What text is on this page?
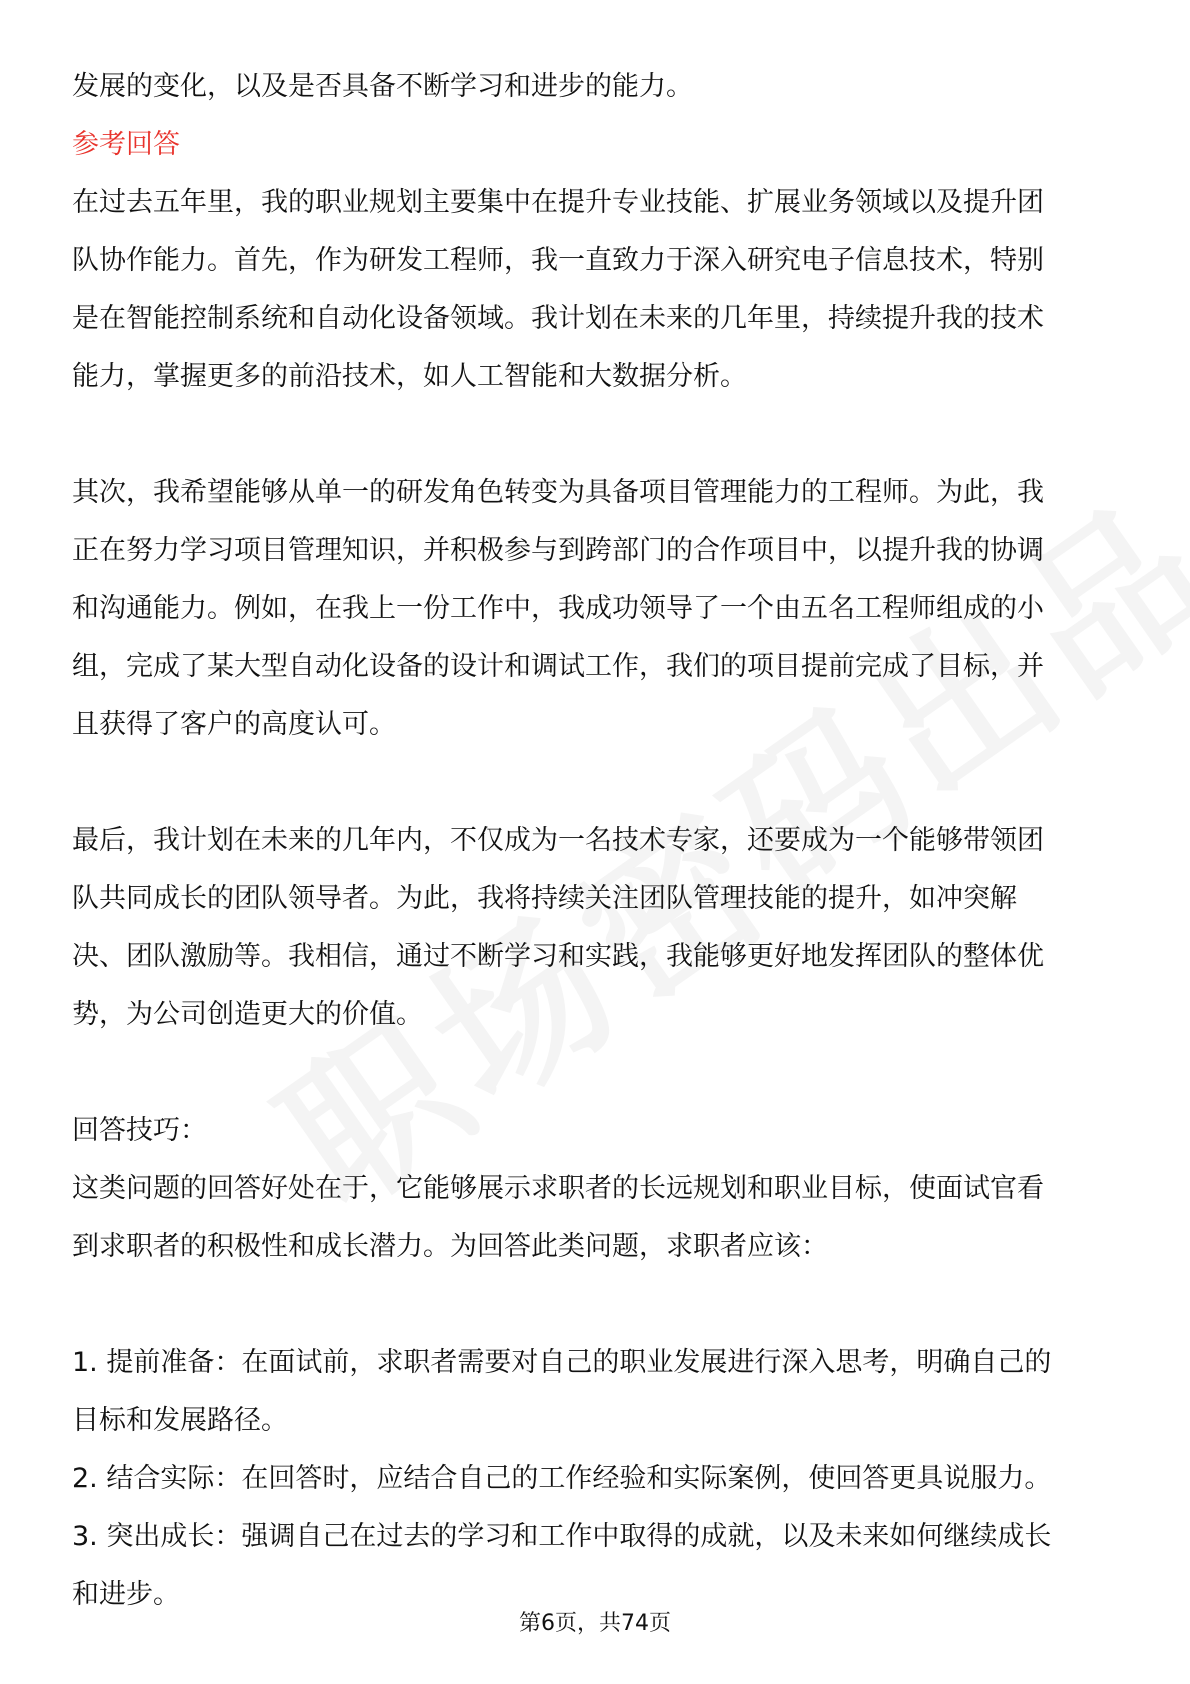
发展的变化，以及是否具备不断学习和进步的能力。

参考回答

在过去五年里，我的职业规划主要集中在提升专业技能、扩展业务领域以及提升团

队协作能力。首先，作为研发工程师，我一直致力于深入研究电子信息技术，特别

是在智能控制系统和自动化设备领域。我计划在未来的几年里，持续提升我的技术

能力，掌握更多的前沿技术，如人工智能和大数据分析。

其次，我希望能够从单一的研发角色转变为具备项目管理能力的工程师。为此，我

正在努力学习项目管理知识，并积极参与到跨部门的合作项目中，以提升我的协调

和沟通能力。例如，在我上一份工作中，我成功领导了一个由五名工程师组成的小

组，完成了某大型自动化设备的设计和调试工作，我们的项目提前完成了目标，并

且获得了客户的高度认可。

最后，我计划在未来的几年内，不仅成为一名技术专家，还要成为一个能够带领团

队共同成长的团队领导者。为此，我将持续关注团队管理技能的提升，如冲突解

决、团队激励等。我相信，通过不断学习和实践，我能够更好地发挥团队的整体优

势，为公司创造更大的价值。

回答技巧：

这类问题的回答好处在于，它能够展示求职者的长远规划和职业目标，使面试官看

到求职者的积极性和成长潜力。为回答此类问题，求职者应该：

1. 提前准备：在面试前，求职者需要对自己的职业发展进行深入思考，明确自己的

目标和发展路径。

2. 结合实际：在回答时，应结合自己的工作经验和实际案例，使回答更具说服力。

3. 突出成长：强调自己在过去的学习和工作中取得的成就，以及未来如何继续成长

和进步。

第6页，共74页
